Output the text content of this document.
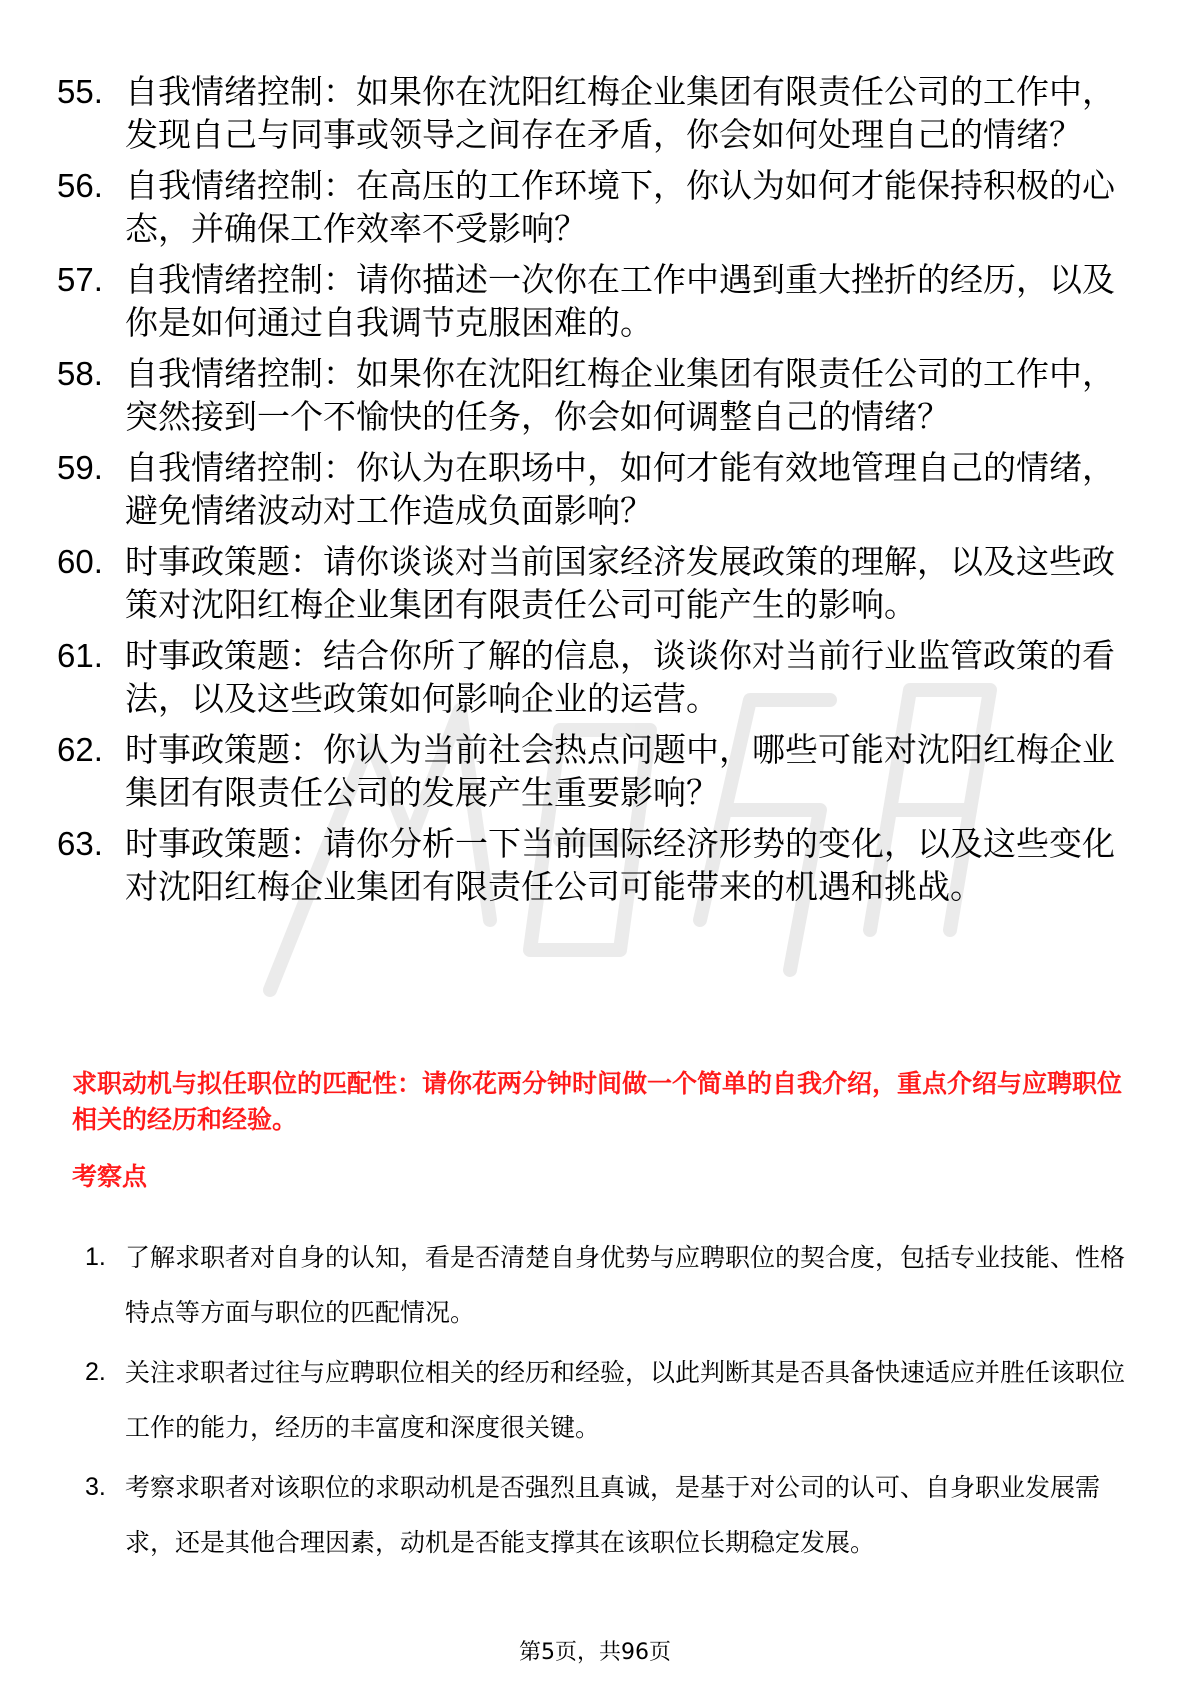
55. 自我情绪控制：如果你在沈阳红梅企业集团有限责任公司的工作中，发现自己与同事或领导之间存在矛盾，你会如何处理自己的情绪？
56. 自我情绪控制：在高压的工作环境下，你认为如何才能保持积极的心态，并确保工作效率不受影响？
57. 自我情绪控制：请你描述一次你在工作中遇到重大挫折的经历，以及你是如何通过自我调节克服困难的。
58. 自我情绪控制：如果你在沈阳红梅企业集团有限责任公司的工作中，突然接到一个不愉快的任务，你会如何调整自己的情绪？
59. 自我情绪控制：你认为在职场中，如何才能有效地管理自己的情绪，避免情绪波动对工作造成负面影响？
60. 时事政策题：请你谈谈对当前国家经济发展政策的理解，以及这些政策对沈阳红梅企业集团有限责任公司可能产生的影响。
61. 时事政策题：结合你所了解的信息，谈谈你对当前行业监管政策的看法，以及这些政策如何影响企业的运营。
62. 时事政策题：你认为当前社会热点问题中，哪些可能对沈阳红梅企业集团有限责任公司的发展产生重要影响？
63. 时事政策题：请你分析一下当前国际经济形势的变化，以及这些变化对沈阳红梅企业集团有限责任公司可能带来的机遇和挑战。
求职动机与拟任职位的匹配性：请你花两分钟时间做一个简单的自我介绍，重点介绍与应聘职位相关的经历和经验。
考察点
1. 了解求职者对自身的认知，看是否清楚自身优势与应聘职位的契合度，包括专业技能、性格特点等方面与职位的匹配情况。
2. 关注求职者过往与应聘职位相关的经历和经验，以此判断其是否具备快速适应并胜任该职位工作的能力，经历的丰富度和深度很关键。
3. 考察求职者对该职位的求职动机是否强烈且真诚，是基于对公司的认可、自身职业发展需求，还是其他合理因素，动机是否能支撑其在该职位长期稳定发展。
第5页，共96页
